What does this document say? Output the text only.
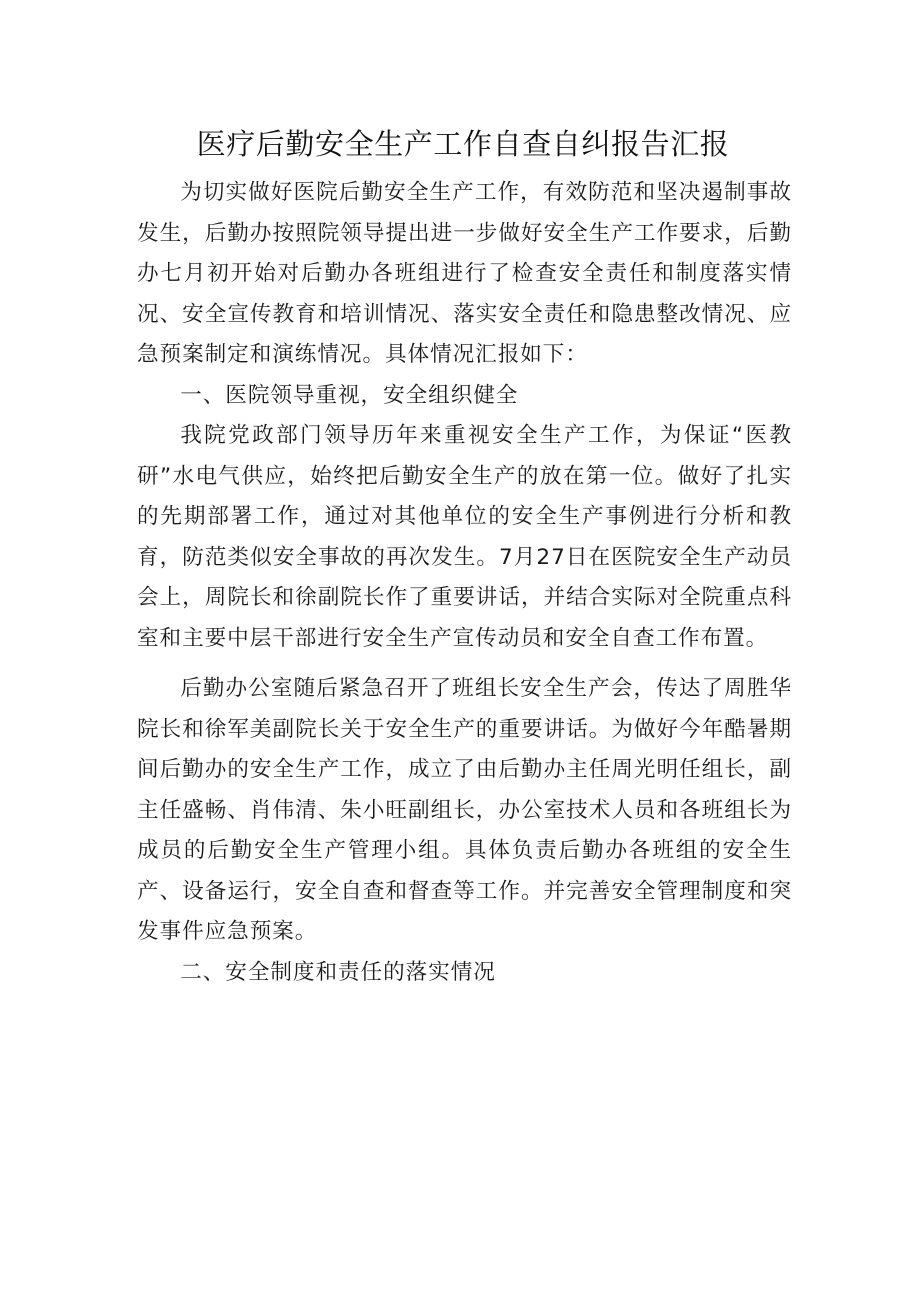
医疗后勤安全生产工作自查自纠报告汇报

为切实做好医院后勤安全生产工作，有效防范和坚决遏制事故发生，后勤办按照院领导提出进一步做好安全生产工作要求，后勤办七月初开始对后勤办各班组进行了检查安全责任和制度落实情况、安全宣传教育和培训情况、落实安全责任和隐患整改情况、应急预案制定和演练情况。具体情况汇报如下：

一、医院领导重视，安全组织健全

我院党政部门领导历年来重视安全生产工作，为保证“医教研”水电气供应，始终把后勤安全生产的放在第一位。做好了扎实的先期部署工作，通过对其他单位的安全生产事例进行分析和教育，防范类似安全事故的再次发生。7月27日在医院安全生产动员会上，周院长和徐副院长作了重要讲话，并结合实际对全院重点科室和主要中层干部进行安全生产宣传动员和安全自查工作布置。

后勤办公室随后紧急召开了班组长安全生产会，传达了周胜华院长和徐军美副院长关于安全生产的重要讲话。为做好今年酷暑期间后勤办的安全生产工作，成立了由后勤办主任周光明任组长，副主任盛畅、肖伟清、朱小旺副组长，办公室技术人员和各班组长为成员的后勤安全生产管理小组。具体负责后勤办各班组的安全生产、设备运行，安全自查和督查等工作。并完善安全管理制度和突发事件应急预案。

二、安全制度和责任的落实情况
